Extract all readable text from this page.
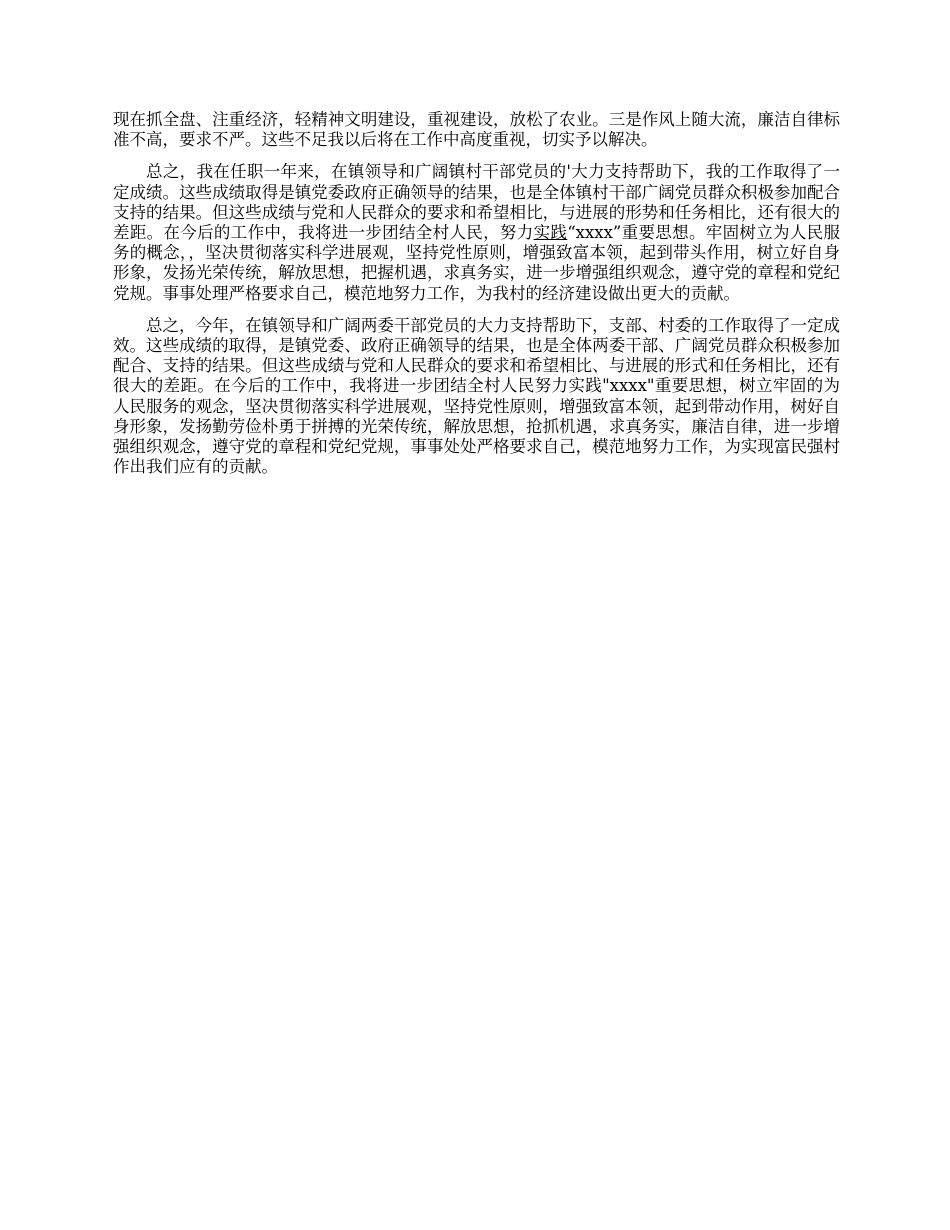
现在抓全盘、注重经济，轻精神文明建设，重视建设，放松了农业。三是作风上随大流，廉洁自律标准不高，要求不严。这些不足我以后将在工作中高度重视，切实予以解决。

总之，我在任职一年来，在镇领导和广阔镇村干部党员的'大力支持帮助下，我的工作取得了一定成绩。这些成绩取得是镇党委政府正确领导的结果，也是全体镇村干部广阔党员群众积极参加配合支持的结果。但这些成绩与党和人民群众的要求和希望相比，与进展的形势和任务相比，还有很大的差距。在今后的工作中，我将进一步团结全村人民，努力实践“xxxx”重要思想。牢固树立为人民服务的概念，，坚决贯彻落实科学进展观，坚持党性原则，增强致富本领，起到带头作用，树立好自身形象，发扬光荣传统，解放思想，把握机遇，求真务实，进一步增强组织观念，遵守党的章程和党纪党规。事事处理严格要求自己，模范地努力工作，为我村的经济建设做出更大的贡献。

总之，今年，在镇领导和广阔两委干部党员的大力支持帮助下，支部、村委的工作取得了一定成效。这些成绩的取得，是镇党委、政府正确领导的结果，也是全体两委干部、广阔党员群众积极参加配合、支持的结果。但这些成绩与党和人民群众的要求和希望相比、与进展的形式和任务相比，还有很大的差距。在今后的工作中，我将进一步团结全村人民努力实践"xxxx"重要思想，树立牢固的为人民服务的观念，坚决贯彻落实科学进展观，坚持党性原则，增强致富本领，起到带动作用，树好自身形象，发扬勤劳俭朴勇于拼搏的光荣传统，解放思想，抢抓机遇，求真务实，廉洁自律，进一步增强组织观念，遵守党的章程和党纪党规，事事处处严格要求自己，模范地努力工作，为实现富民强村作出我们应有的贡献。
